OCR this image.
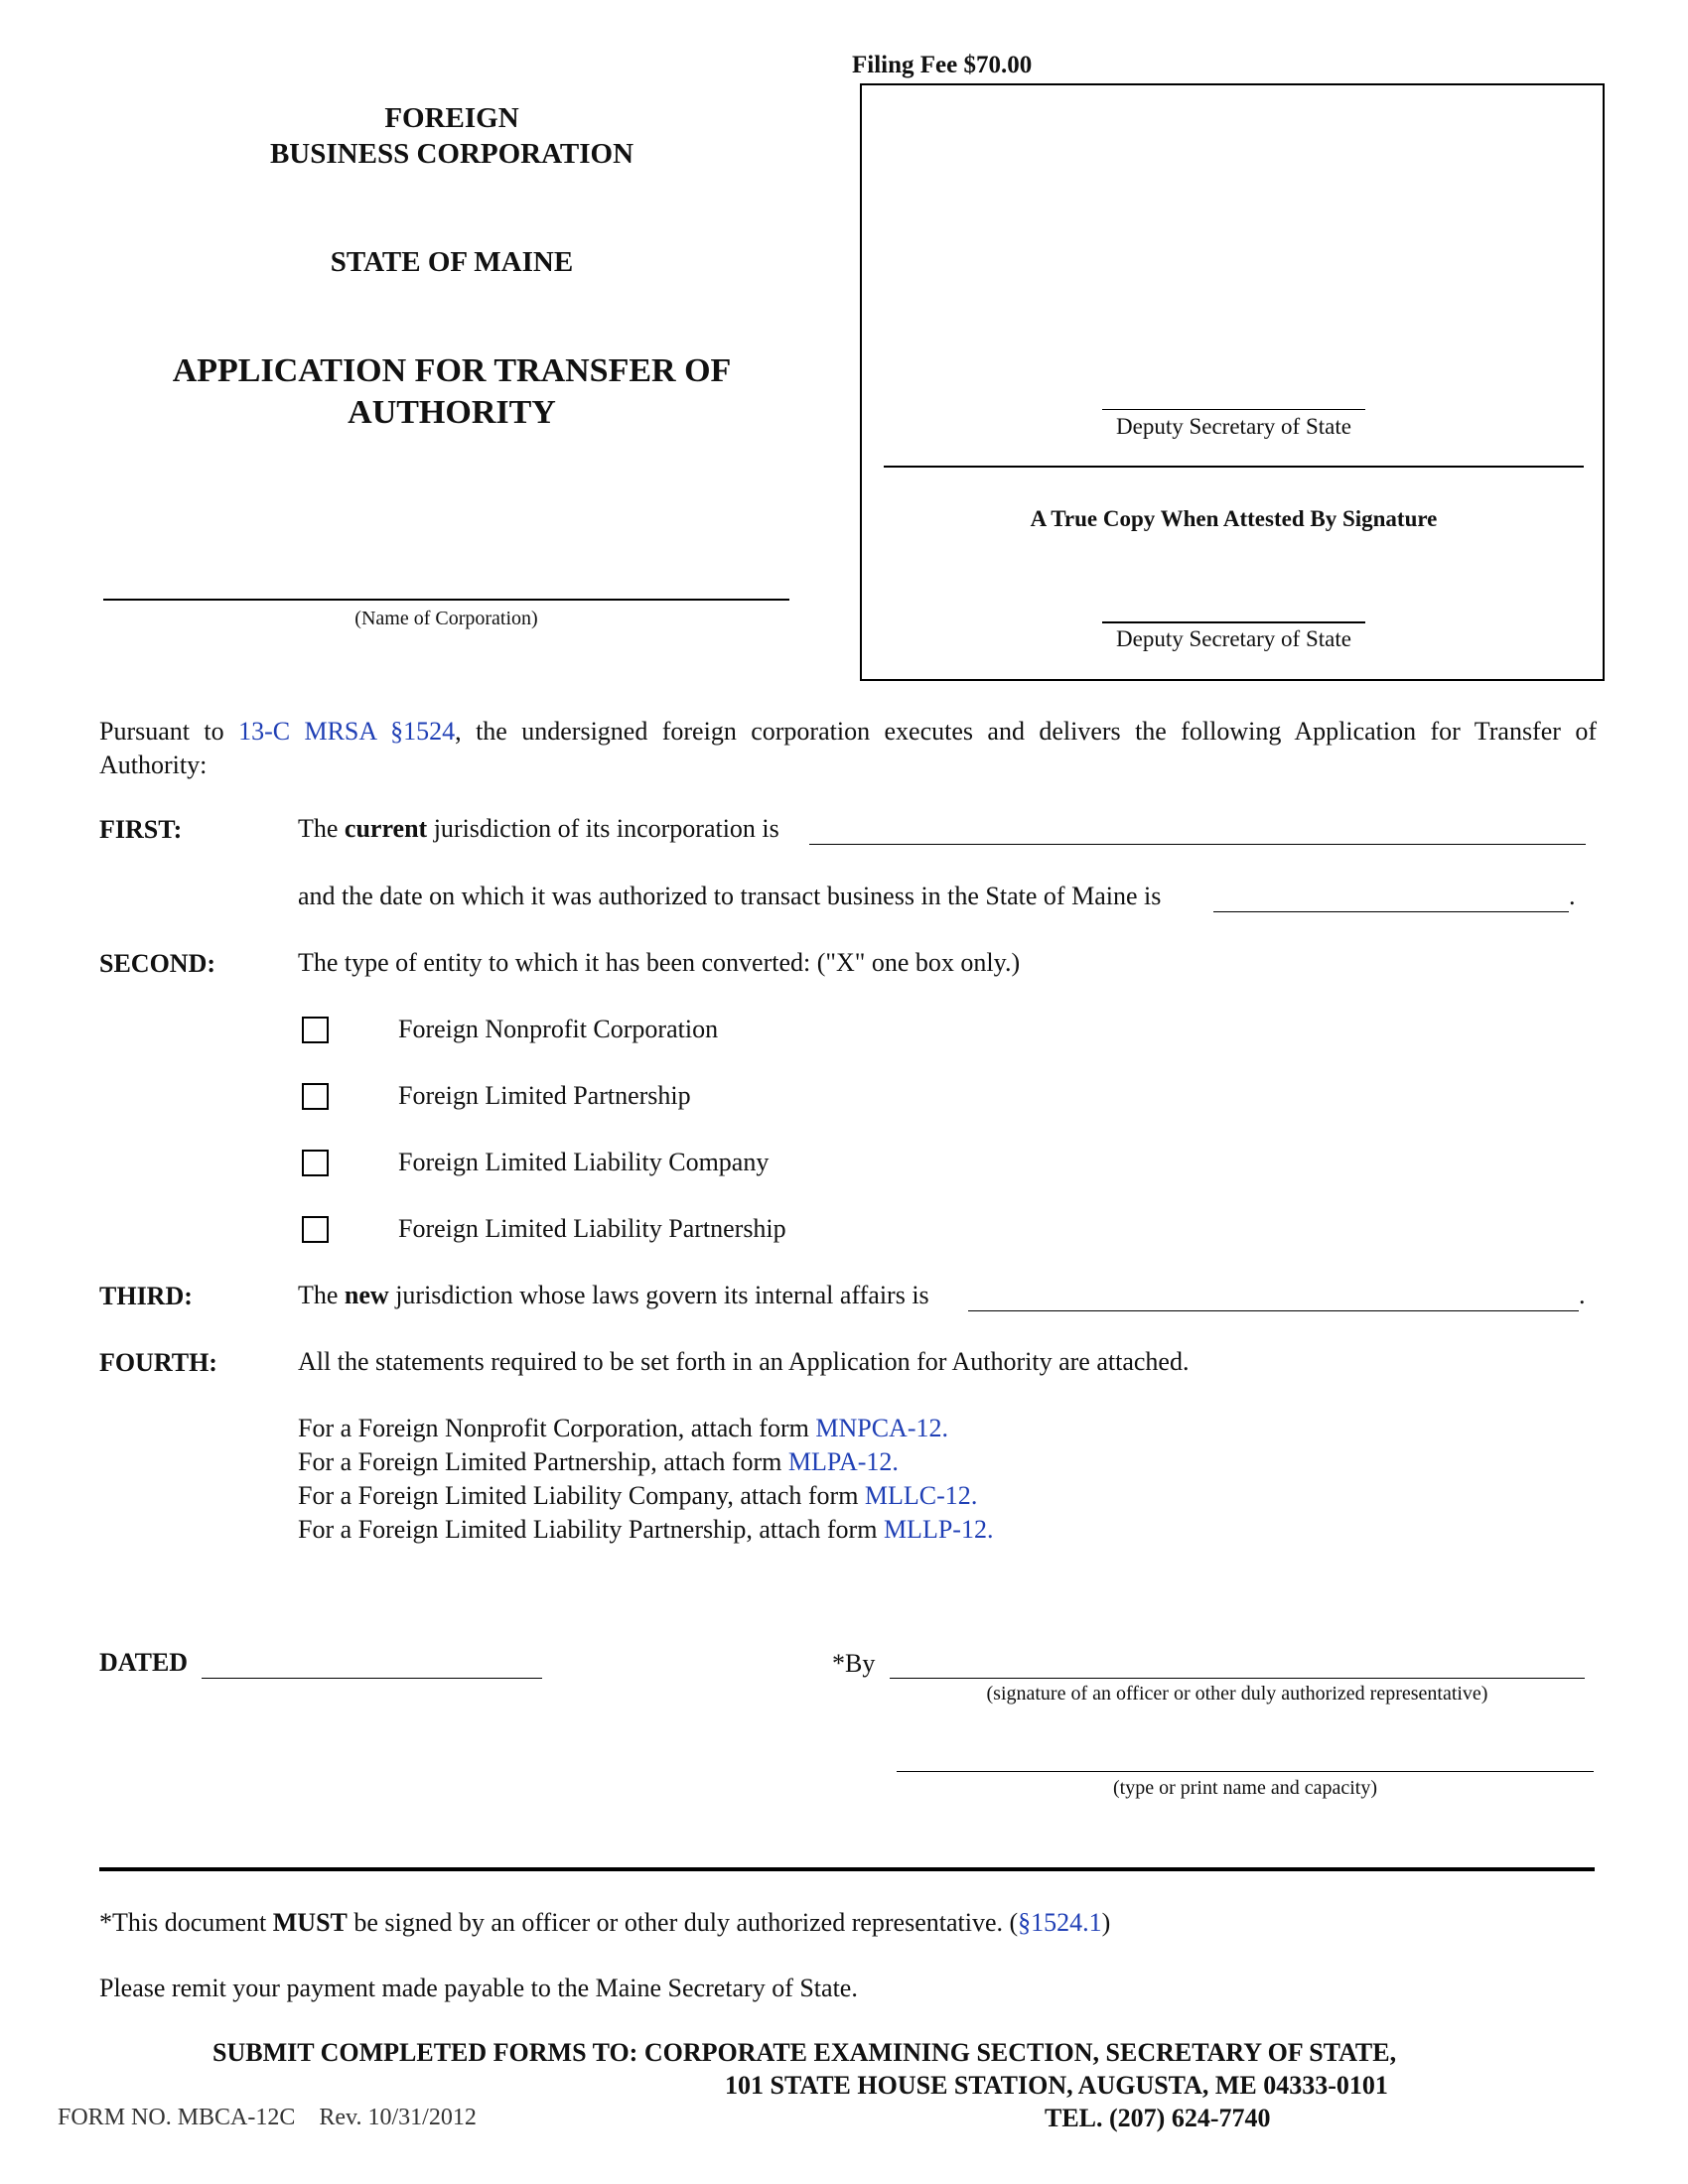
Filing Fee $70.00
FOREIGN
BUSINESS CORPORATION
STATE OF MAINE
APPLICATION FOR TRANSFER OF
AUTHORITY
(Name of Corporation)
Deputy Secretary of State
A True Copy When Attested By Signature
Deputy Secretary of State
Pursuant to 13-C MRSA §1524, the undersigned foreign corporation executes and delivers the following Application for Transfer of
Authority:
FIRST:	The current jurisdiction of its incorporation is
and the date on which it was authorized to transact business in the State of Maine is	.
SECOND:	The type of entity to which it has been converted: ("X" one box only.)
Foreign Nonprofit Corporation
Foreign Limited Partnership
Foreign Limited Liability Company
Foreign Limited Liability Partnership
THIRD:	The new jurisdiction whose laws govern its internal affairs is	.
FOURTH:	All the statements required to be set forth in an Application for Authority are attached.
For a Foreign Nonprofit Corporation, attach form MNPCA-12.
For a Foreign Limited Partnership, attach form MLPA-12.
For a Foreign Limited Liability Company, attach form MLLC-12.
For a Foreign Limited Liability Partnership, attach form MLLP-12.
DATED	*By
(signature of an officer or other duly authorized representative)
(type or print name and capacity)
*This document MUST be signed by an officer or other duly authorized representative. (§1524.1)
Please remit your payment made payable to the Maine Secretary of State.
SUBMIT COMPLETED FORMS TO: CORPORATE EXAMINING SECTION, SECRETARY OF STATE,
101 STATE HOUSE STATION, AUGUSTA, ME 04333-0101
FORM NO. MBCA-12C    Rev. 10/31/2012	TEL. (207) 624-7740
